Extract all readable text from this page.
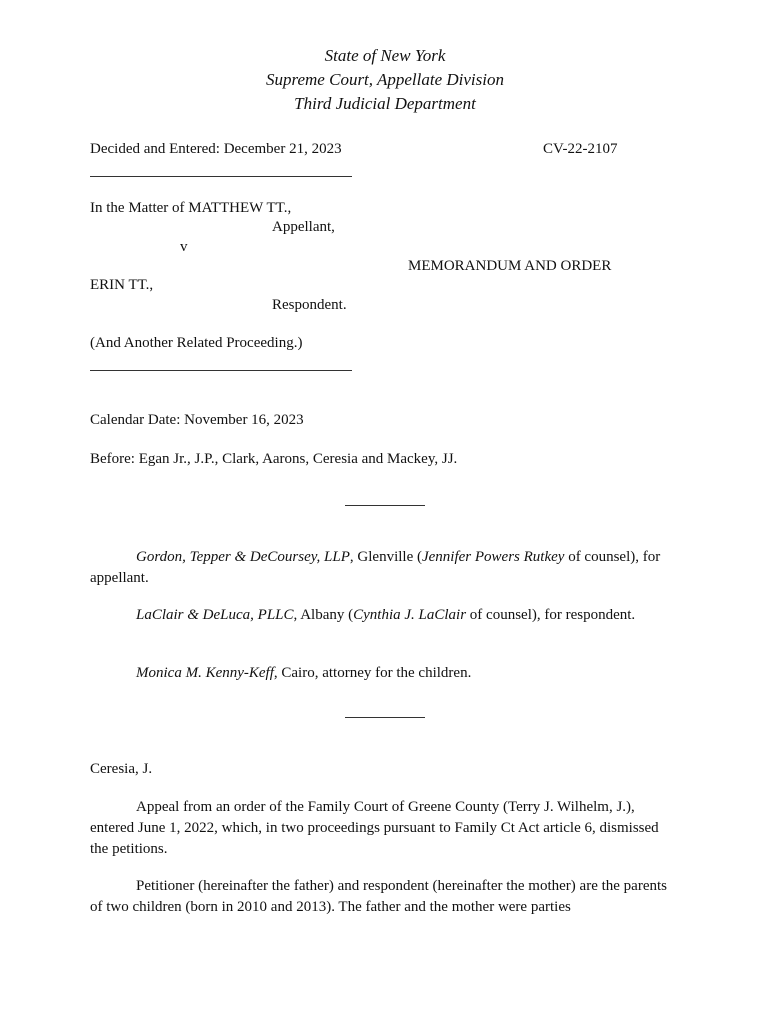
State of New York
Supreme Court, Appellate Division
Third Judicial Department
Decided and Entered: December 21, 2023	CV-22-2107
In the Matter of MATTHEW TT.,
Appellant,
v
MEMORANDUM AND ORDER
ERIN TT.,
Respondent.
(And Another Related Proceeding.)
Calendar Date: November 16, 2023
Before: Egan Jr., J.P., Clark, Aarons, Ceresia and Mackey, JJ.
Gordon, Tepper & DeCoursey, LLP, Glenville (Jennifer Powers Rutkey of counsel), for appellant.
LaClair & DeLuca, PLLC, Albany (Cynthia J. LaClair of counsel), for respondent.
Monica M. Kenny-Keff, Cairo, attorney for the children.
Ceresia, J.
Appeal from an order of the Family Court of Greene County (Terry J. Wilhelm, J.), entered June 1, 2022, which, in two proceedings pursuant to Family Ct Act article 6, dismissed the petitions.
Petitioner (hereinafter the father) and respondent (hereinafter the mother) are the parents of two children (born in 2010 and 2013). The father and the mother were parties
